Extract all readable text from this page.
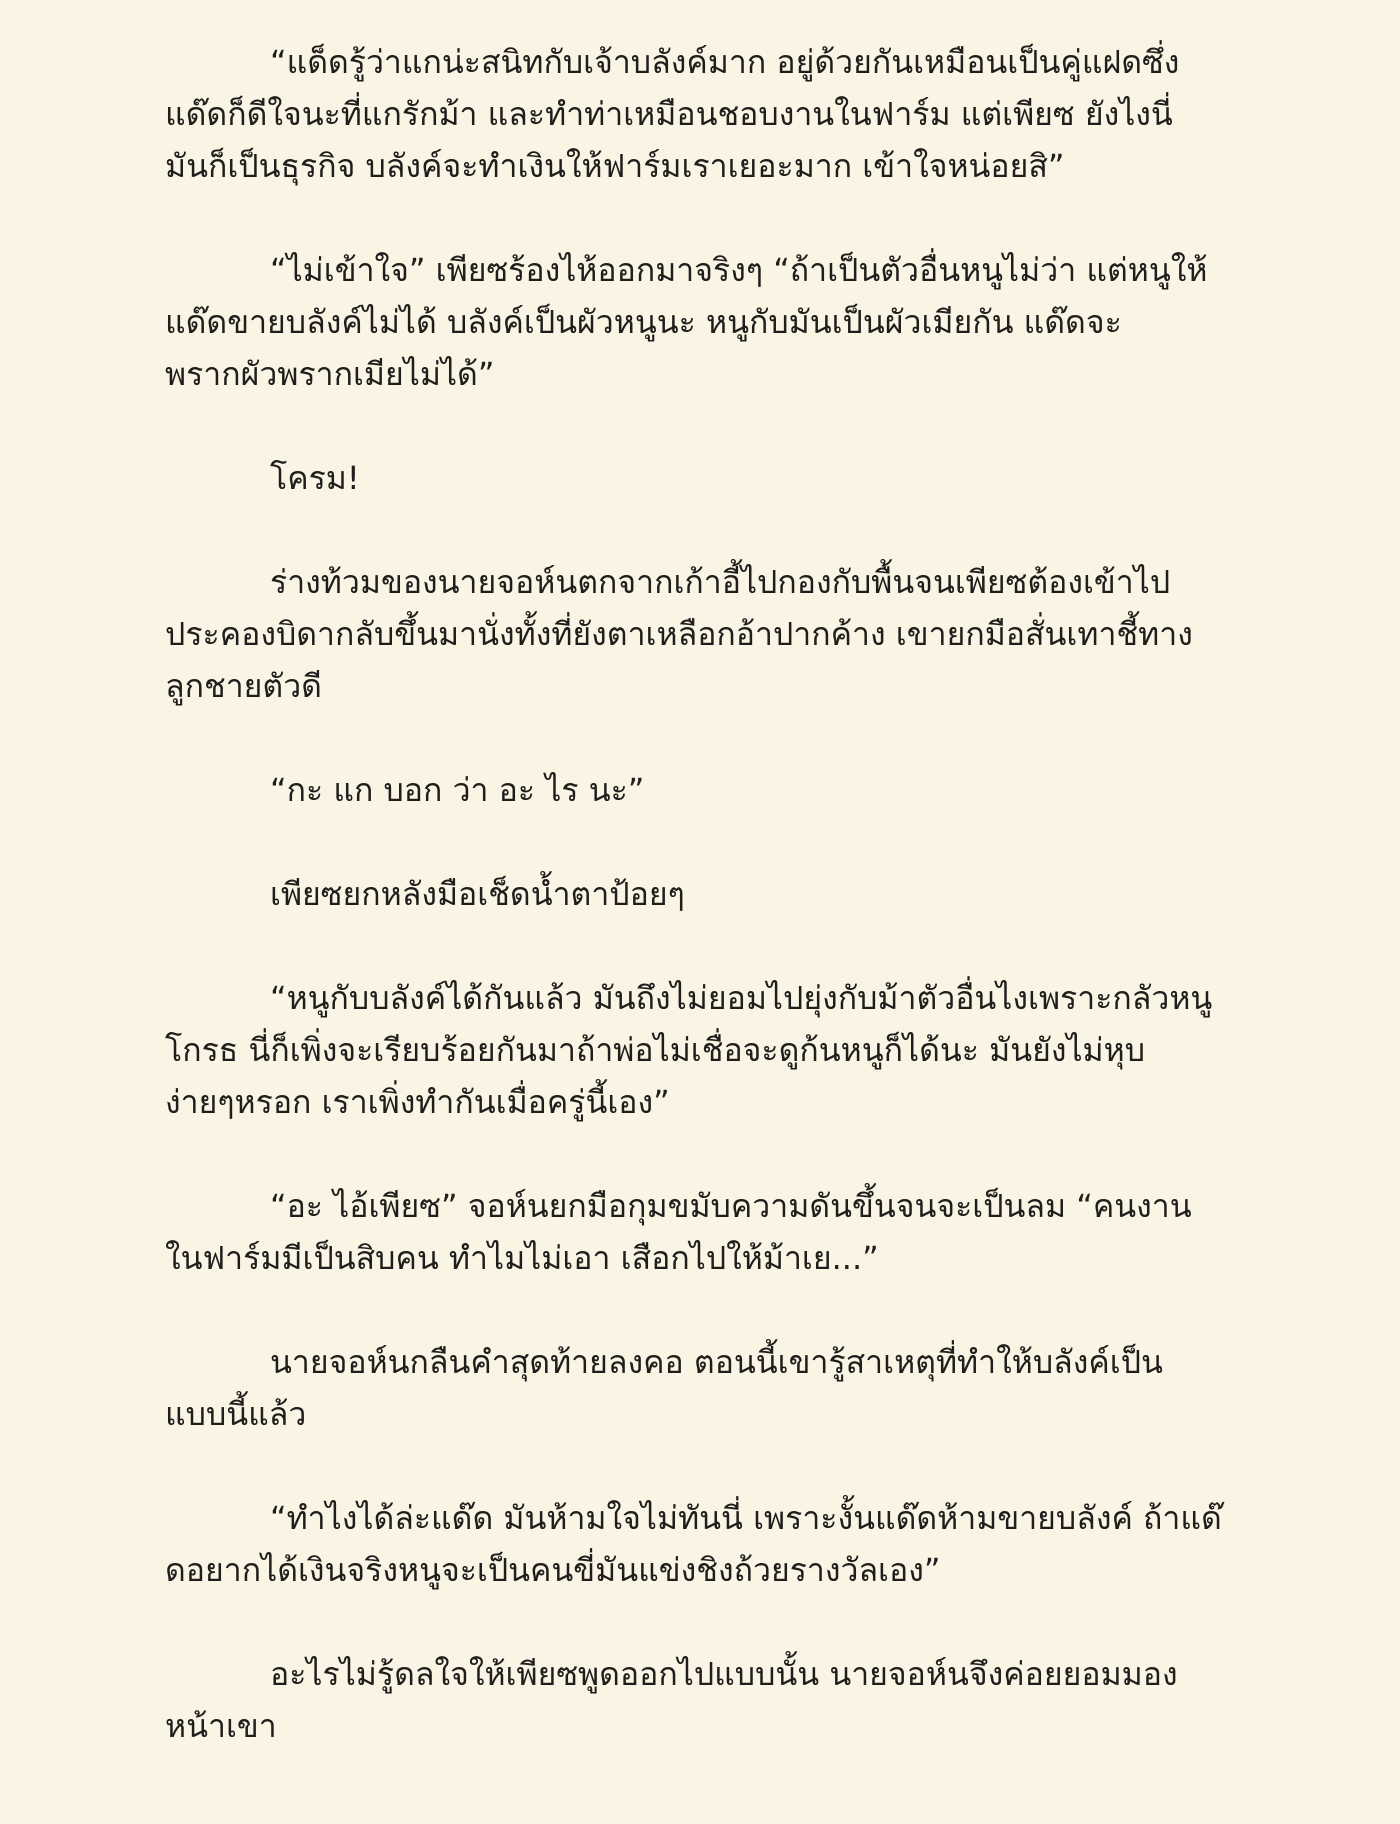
“แด็ดรู้ว่าแกน่ะสนิทกับเจ้าบลังค์มาก อยู่ด้วยกันเหมือนเป็นคู่แฝดซึ่ง
แด๊ดก็ดีใจนะที่แกรักม้า และทำท่าเหมือนชอบงานในฟาร์ม แต่เพียซ ยังไงนี่
มันก็เป็นธุรกิจ บลังค์จะทำเงินให้ฟาร์มเราเยอะมาก เข้าใจหน่อยสิ”

“ไม่เข้าใจ” เพียซร้องไห้ออกมาจริงๆ “ถ้าเป็นตัวอื่นหนูไม่ว่า แต่หนูให้
แด๊ดขายบลังค์ไม่ได้ บลังค์เป็นผัวหนูนะ หนูกับมันเป็นผัวเมียกัน แด๊ดจะ
พรากผัวพรากเมียไม่ได้”

โครม!

ร่างท้วมของนายจอห์นตกจากเก้าอี้ไปกองกับพื้นจนเพียซต้องเข้าไป
ประคองบิดากลับขึ้นมานั่งทั้งที่ยังตาเหลือกอ้าปากค้าง เขายกมือสั่นเทาชี้ทาง
ลูกชายตัวดี

“กะ แก บอก ว่า อะ ไร นะ”

เพียซยกหลังมือเช็ดน้ำตาป้อยๆ

“หนูกับบลังค์ได้กันแล้ว มันถึงไม่ยอมไปยุ่งกับม้าตัวอื่นไงเพราะกลัวหนู
โกรธ นี่ก็เพิ่งจะเรียบร้อยกันมาถ้าพ่อไม่เชื่อจะดูก้นหนูก็ได้นะ มันยังไม่หุบ
ง่ายๆหรอก เราเพิ่งทำกันเมื่อครู่นี้เอง”

“อะ ไอ้เพียซ” จอห์นยกมือกุมขมับความดันขึ้นจนจะเป็นลม “คนงาน
ในฟาร์มมีเป็นสิบคน ทำไมไม่เอา เสือกไปให้ม้าเย...”

นายจอห์นกลืนคำสุดท้ายลงคอ ตอนนี้เขารู้สาเหตุที่ทำให้บลังค์เป็น
แบบนี้แล้ว

“ทำไงได้ล่ะแด๊ด มันห้ามใจไม่ทันนี่ เพราะงั้นแด๊ดห้ามขายบลังค์ ถ้าแด๊
ดอยากได้เงินจริงหนูจะเป็นคนขี่มันแข่งชิงถ้วยรางวัลเอง”

อะไรไม่รู้ดลใจให้เพียซพูดออกไปแบบนั้น นายจอห์นจึงค่อยยอมมอง
หน้าเขา
